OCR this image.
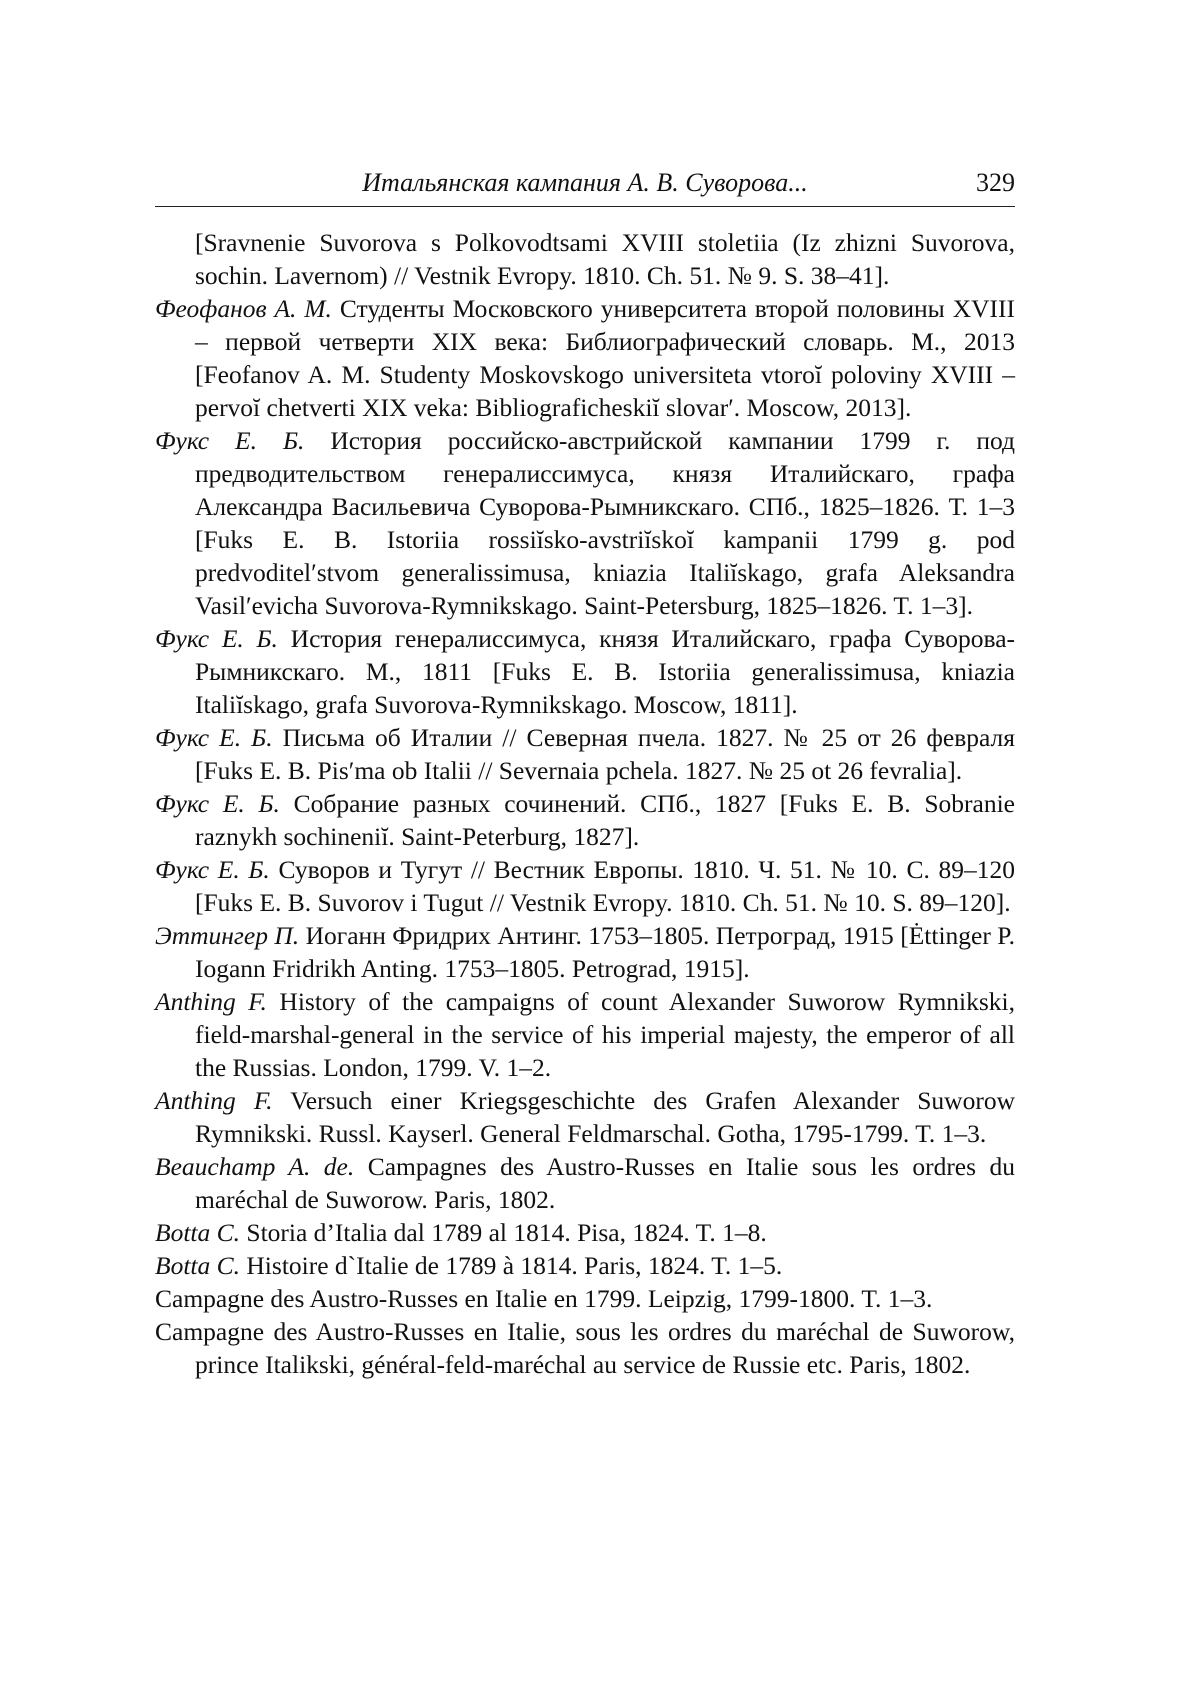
Итальянская кампания А. В. Суворова...	329

[Sravnenie Suvorova s Polkovodtsami XVIII stoletiia (Iz zhizni Suvorova, sochin. Lavernom) // Vestnik Evropy. 1810. Ch. 51. № 9. S. 38–41].

Феофанов А. М. Студенты Московского университета второй половины XVIII – первой четверти XIX века: Библиографический словарь. М., 2013 [Feofanov A. M. Studenty Moskovskogo universiteta vtoroĭ poloviny XVIII – pervoĭ chetverti XIX veka: Bibliograficheskiĭ slovar′. Moscow, 2013].

Фукс Е. Б. История российско-австрийской кампании 1799 г. под предводительством генералиссимуса, князя Италийскаго, графа Александра Васильевича Суворова-Рымникскаго. СПб., 1825–1826. Т. 1–3 [Fuks E. B. Istoriia rossiĭsko-avstriĭskoĭ kampanii 1799 g. pod predvoditel′stvom generalissimusa, kniazia Italiĭskago, grafa Aleksandra Vasil′evicha Suvorova-Rymnikskago. Saint-Petersburg, 1825–1826. T. 1–3].

Фукс Е. Б. История генералиссимуса, князя Италийскаго, графа Суворова-Рымникскаго. М., 1811 [Fuks E. B. Istoriia generalissimusa, kniazia Italiĭskago, grafa Suvorova-Rymnikskago. Moscow, 1811].

Фукс Е. Б. Письма об Италии // Северная пчела. 1827. № 25 от 26 февраля [Fuks E. B. Pis′ma ob Italii // Severnaia pchela. 1827. № 25 ot 26 fevralia].

Фукс Е. Б. Собрание разных сочинений. СПб., 1827 [Fuks E. B. Sobranie raznykh sochineniĭ. Saint-Peterburg, 1827].

Фукс Е. Б. Суворов и Тугут // Вестник Европы. 1810. Ч. 51. № 10. С. 89–120 [Fuks E. B. Suvorov i Tugut // Vestnik Evropy. 1810. Ch. 51. № 10. S. 89–120].

Эттингер П. Иоганн Фридрих Антинг. 1753–1805. Петроград, 1915 [Ėttinger P. Iogann Fridrikh Anting. 1753–1805. Petrograd, 1915].

Anthing F. History of the campaigns of count Alexander Suworow Rymnikski, field-marshal-general in the service of his imperial majesty, the emperor of all the Russias. London, 1799. V. 1–2.

Anthing F. Versuch einer Kriegsgeschichte des Grafen Alexander Suworow Rymnikski. Russl. Kayserl. General Feldmarschal. Gotha, 1795-1799. T. 1–3.

Beauchamp A. de. Campagnes des Austro-Russes en Italie sous les ordres du maréchal de Suworow. Paris, 1802.

Botta C. Storia d’Italia dal 1789 al 1814. Pisa, 1824. T. 1–8.

Botta C. Histoire d`Italie de 1789 à 1814. Paris, 1824. T. 1–5.

Campagne des Austro-Russes en Italie en 1799. Leipzig, 1799-1800. T. 1–3.

Campagne des Austro-Russes en Italie, sous les ordres du maréchal de Suworow, prince Italikski, général-feld-maréchal au service de Russie etc. Paris, 1802.
